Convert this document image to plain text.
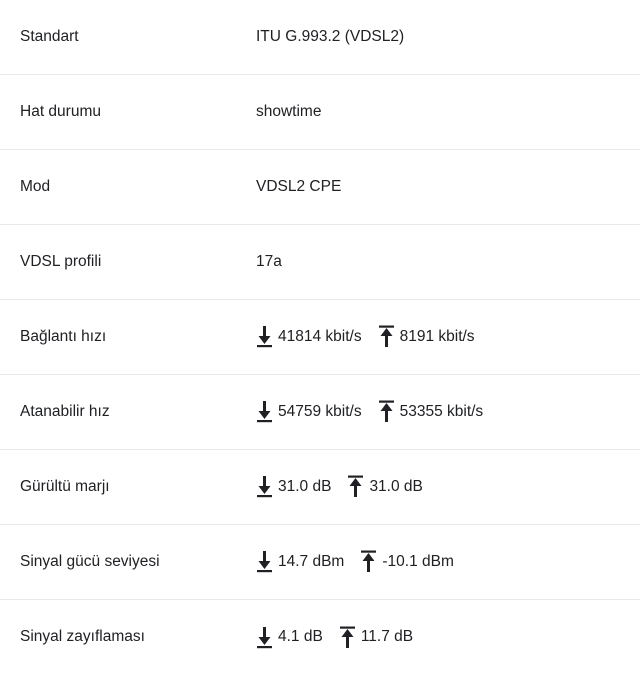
Standart	ITU G.993.2 (VDSL2)
Hat durumu	showtime
Mod	VDSL2 CPE
VDSL profili	17a
Bağlantı hızı	41814 kbit/s 8191 kbit/s
Atanabilir hız	54759 kbit/s 53355 kbit/s
Gürültü marjı	31.0 dB 31.0 dB
Sinyal gücü seviyesi	14.7 dBm -10.1 dBm
Sinyal zayıflaması	4.1 dB 11.7 dB
